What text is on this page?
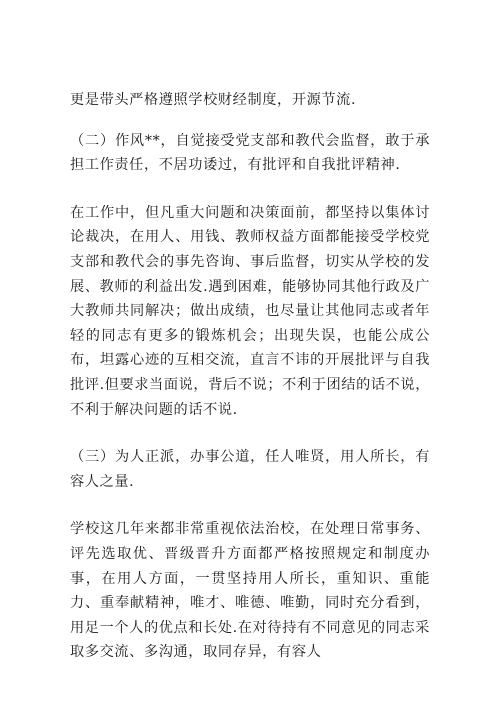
更是带头严格遵照学校财经制度，开源节流.

（二）作风**，自觉接受党支部和教代会监督，敢于承担工作责任，不居功诿过，有批评和自我批评精神.

在工作中，但凡重大问题和决策面前，都坚持以集体讨论裁决，在用人、用钱、教师权益方面都能接受学校党支部和教代会的事先咨询、事后监督，切实从学校的发展、教师的利益出发.遇到困难，能够协同其他行政及广大教师共同解决；做出成绩，也尽量让其他同志或者年轻的同志有更多的锻炼机会；出现失误，也能公成公布，坦露心迹的互相交流，直言不讳的开展批评与自我批评.但要求当面说，背后不说；不利于团结的话不说，不利于解决问题的话不说.

（三）为人正派，办事公道，任人唯贤，用人所长，有容人之量.

学校这几年来都非常重视依法治校，在处理日常事务、评先选取优、晋级晋升方面都严格按照规定和制度办事，在用人方面，一贯坚持用人所长，重知识、重能力、重奉献精神，唯才、唯德、唯勤，同时充分看到，用足一个人的优点和长处.在对待持有不同意见的同志采取多交流、多沟通，取同存异，有容人
